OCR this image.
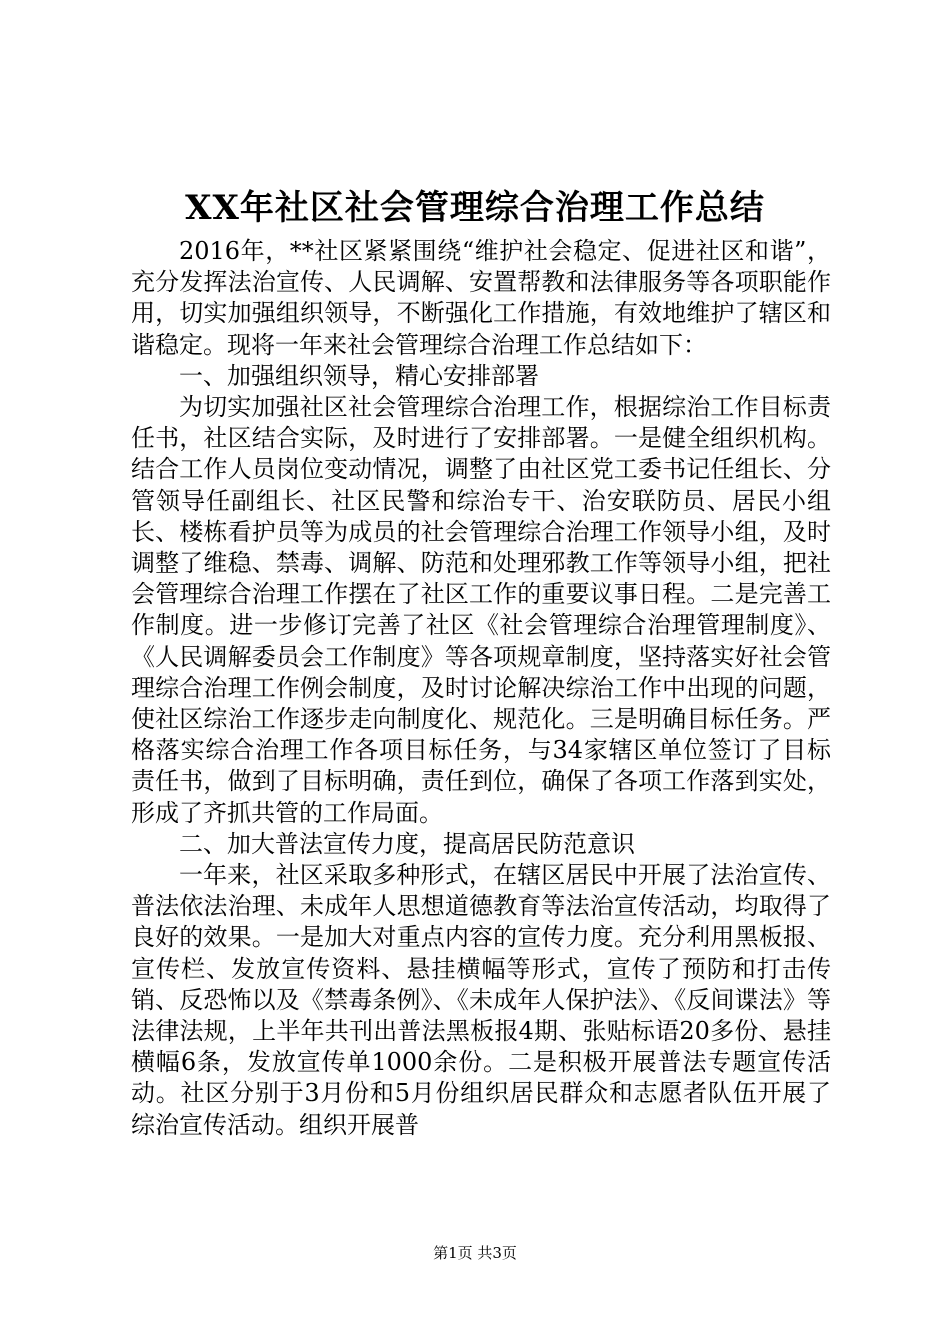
XX年社区社会管理综合治理工作总结

2016年，**社区紧紧围绕“维护社会稳定、促进社区和谐”，充分发挥法治宣传、人民调解、安置帮教和法律服务等各项职能作用，切实加强组织领导，不断强化工作措施，有效地维护了辖区和谐稳定。现将一年来社会管理综合治理工作总结如下：

一、加强组织领导，精心安排部署

为切实加强社区社会管理综合治理工作，根据综治工作目标责任书，社区结合实际，及时进行了安排部署。一是健全组织机构。结合工作人员岗位变动情况，调整了由社区党工委书记任组长、分管领导任副组长、社区民警和综治专干、治安联防员、居民小组长、楼栋看护员等为成员的社会管理综合治理工作领导小组，及时调整了维稳、禁毒、调解、防范和处理邪教工作等领导小组，把社会管理综合治理工作摆在了社区工作的重要议事日程。二是完善工作制度。进一步修订完善了社区《社会管理综合治理管理制度》、《人民调解委员会工作制度》等各项规章制度，坚持落实好社会管理综合治理工作例会制度，及时讨论解决综治工作中出现的问题，使社区综治工作逐步走向制度化、规范化。三是明确目标任务。严格落实综合治理工作各项目标任务，与34家辖区单位签订了目标责任书，做到了目标明确，责任到位，确保了各项工作落到实处，形成了齐抓共管的工作局面。

二、加大普法宣传力度，提高居民防范意识

一年来，社区采取多种形式，在辖区居民中开展了法治宣传、普法依法治理、未成年人思想道德教育等法治宣传活动，均取得了良好的效果。一是加大对重点内容的宣传力度。充分利用黑板报、宣传栏、发放宣传资料、悬挂横幅等形式，宣传了预防和打击传销、反恐怖以及《禁毒条例》、《未成年人保护法》、《反间谍法》等法律法规，上半年共刊出普法黑板报4期、张贴标语20多份、悬挂横幅6条，发放宣传单1000余份。二是积极开展普法专题宣传活动。社区分别于3月份和5月份组织居民群众和志愿者队伍开展了综治宣传活动。组织开展普

第1页 共3页
